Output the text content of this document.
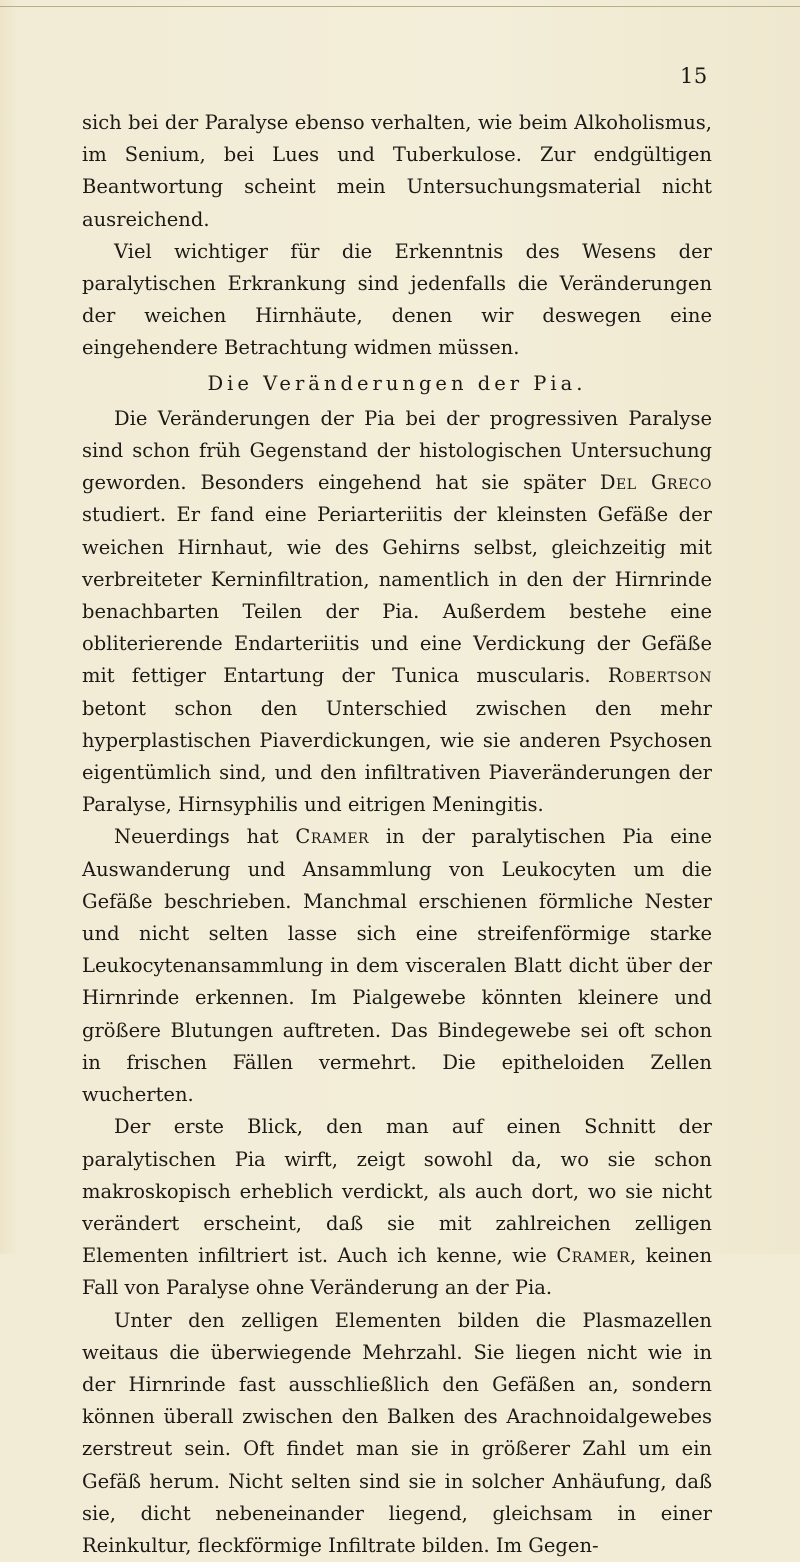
15

sich bei der Paralyse ebenso verhalten, wie beim Alkoholismus, im Senium, bei Lues und Tuberkulose. Zur endgültigen Beantwortung scheint mein Untersuchungsmaterial nicht ausreichend.

Viel wichtiger für die Erkenntnis des Wesens der paralytischen Erkrankung sind jedenfalls die Veränderungen der weichen Hirnhäute, denen wir deswegen eine eingehendere Betrachtung widmen müssen.

Die Veränderungen der Pia.

Die Veränderungen der Pia bei der progressiven Paralyse sind schon früh Gegenstand der histologischen Untersuchung geworden. Besonders eingehend hat sie später Del Greco studiert. Er fand eine Periarteriitis der kleinsten Gefäße der weichen Hirnhaut, wie des Gehirns selbst, gleichzeitig mit verbreiteter Kerninfiltration, namentlich in den der Hirnrinde benachbarten Teilen der Pia. Außerdem bestehe eine obliterierende Endarteriitis und eine Verdickung der Gefäße mit fettiger Entartung der Tunica muscularis. Robertson betont schon den Unterschied zwischen den mehr hyperplastischen Piaverdickungen, wie sie anderen Psychosen eigentümlich sind, und den infiltrativen Piaveränderungen der Paralyse, Hirnsyphilis und eitrigen Meningitis.

Neuerdings hat Cramer in der paralytischen Pia eine Auswanderung und Ansammlung von Leukocyten um die Gefäße beschrieben. Manchmal erschienen förmliche Nester und nicht selten lasse sich eine streifenförmige starke Leukocytenansammlung in dem visceralen Blatt dicht über der Hirnrinde erkennen. Im Pialgewebe könnten kleinere und größere Blutungen auftreten. Das Bindegewebe sei oft schon in frischen Fällen vermehrt. Die epitheloiden Zellen wucherten.

Der erste Blick, den man auf einen Schnitt der paralytischen Pia wirft, zeigt sowohl da, wo sie schon makroskopisch erheblich verdickt, als auch dort, wo sie nicht verändert erscheint, daß sie mit zahlreichen zelligen Elementen infiltriert ist. Auch ich kenne, wie Cramer, keinen Fall von Paralyse ohne Veränderung an der Pia.

Unter den zelligen Elementen bilden die Plasmazellen weitaus die überwiegende Mehrzahl. Sie liegen nicht wie in der Hirnrinde fast ausschließlich den Gefäßen an, sondern können überall zwischen den Balken des Arachnoidalgewebes zerstreut sein. Oft findet man sie in größerer Zahl um ein Gefäß herum. Nicht selten sind sie in solcher Anhäufung, daß sie, dicht nebeneinander liegend, gleichsam in einer Reinkultur, fleckförmige Infiltrate bilden. Im Gegen-
